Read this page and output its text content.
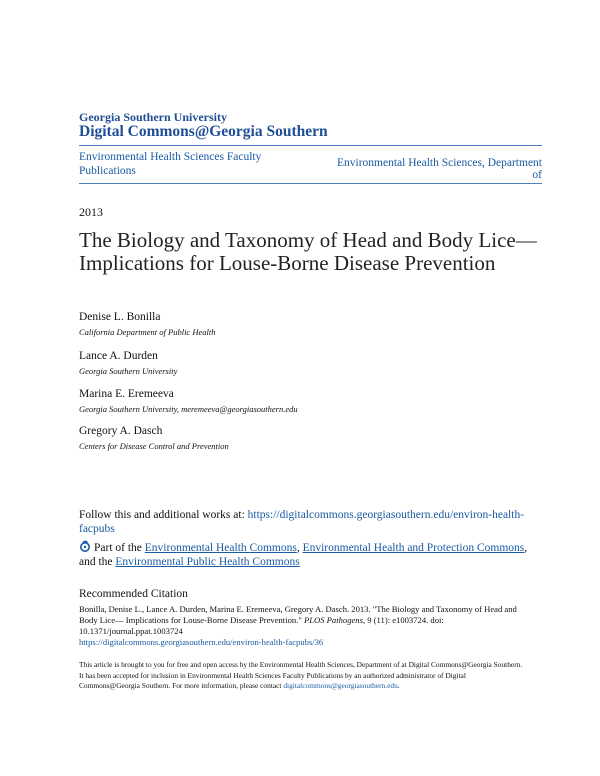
Georgia Southern University
Digital Commons@Georgia Southern
Environmental Health Sciences Faculty Publications
Environmental Health Sciences, Department of
2013
The Biology and Taxonomy of Head and Body Lice— Implications for Louse-Borne Disease Prevention
Denise L. Bonilla
California Department of Public Health
Lance A. Durden
Georgia Southern University
Marina E. Eremeeva
Georgia Southern University, meremeeva@georgiasouthern.edu
Gregory A. Dasch
Centers for Disease Control and Prevention
Follow this and additional works at: https://digitalcommons.georgiasouthern.edu/environ-health-facpubs
Part of the Environmental Health Commons, Environmental Health and Protection Commons, and the Environmental Public Health Commons
Recommended Citation
Bonilla, Denise L., Lance A. Durden, Marina E. Eremeeva, Gregory A. Dasch. 2013. "The Biology and Taxonomy of Head and Body Lice— Implications for Louse-Borne Disease Prevention." PLOS Pathogens, 9 (11): e1003724. doi: 10.1371/journal.ppat.1003724
https://digitalcommons.georgiasouthern.edu/environ-health-facpubs/36
This article is brought to you for free and open access by the Environmental Health Sciences, Department of at Digital Commons@Georgia Southern. It has been accepted for inclusion in Environmental Health Sciences Faculty Publications by an authorized administrator of Digital Commons@Georgia Southern. For more information, please contact digitalcommons@georgiasouthern.edu.
